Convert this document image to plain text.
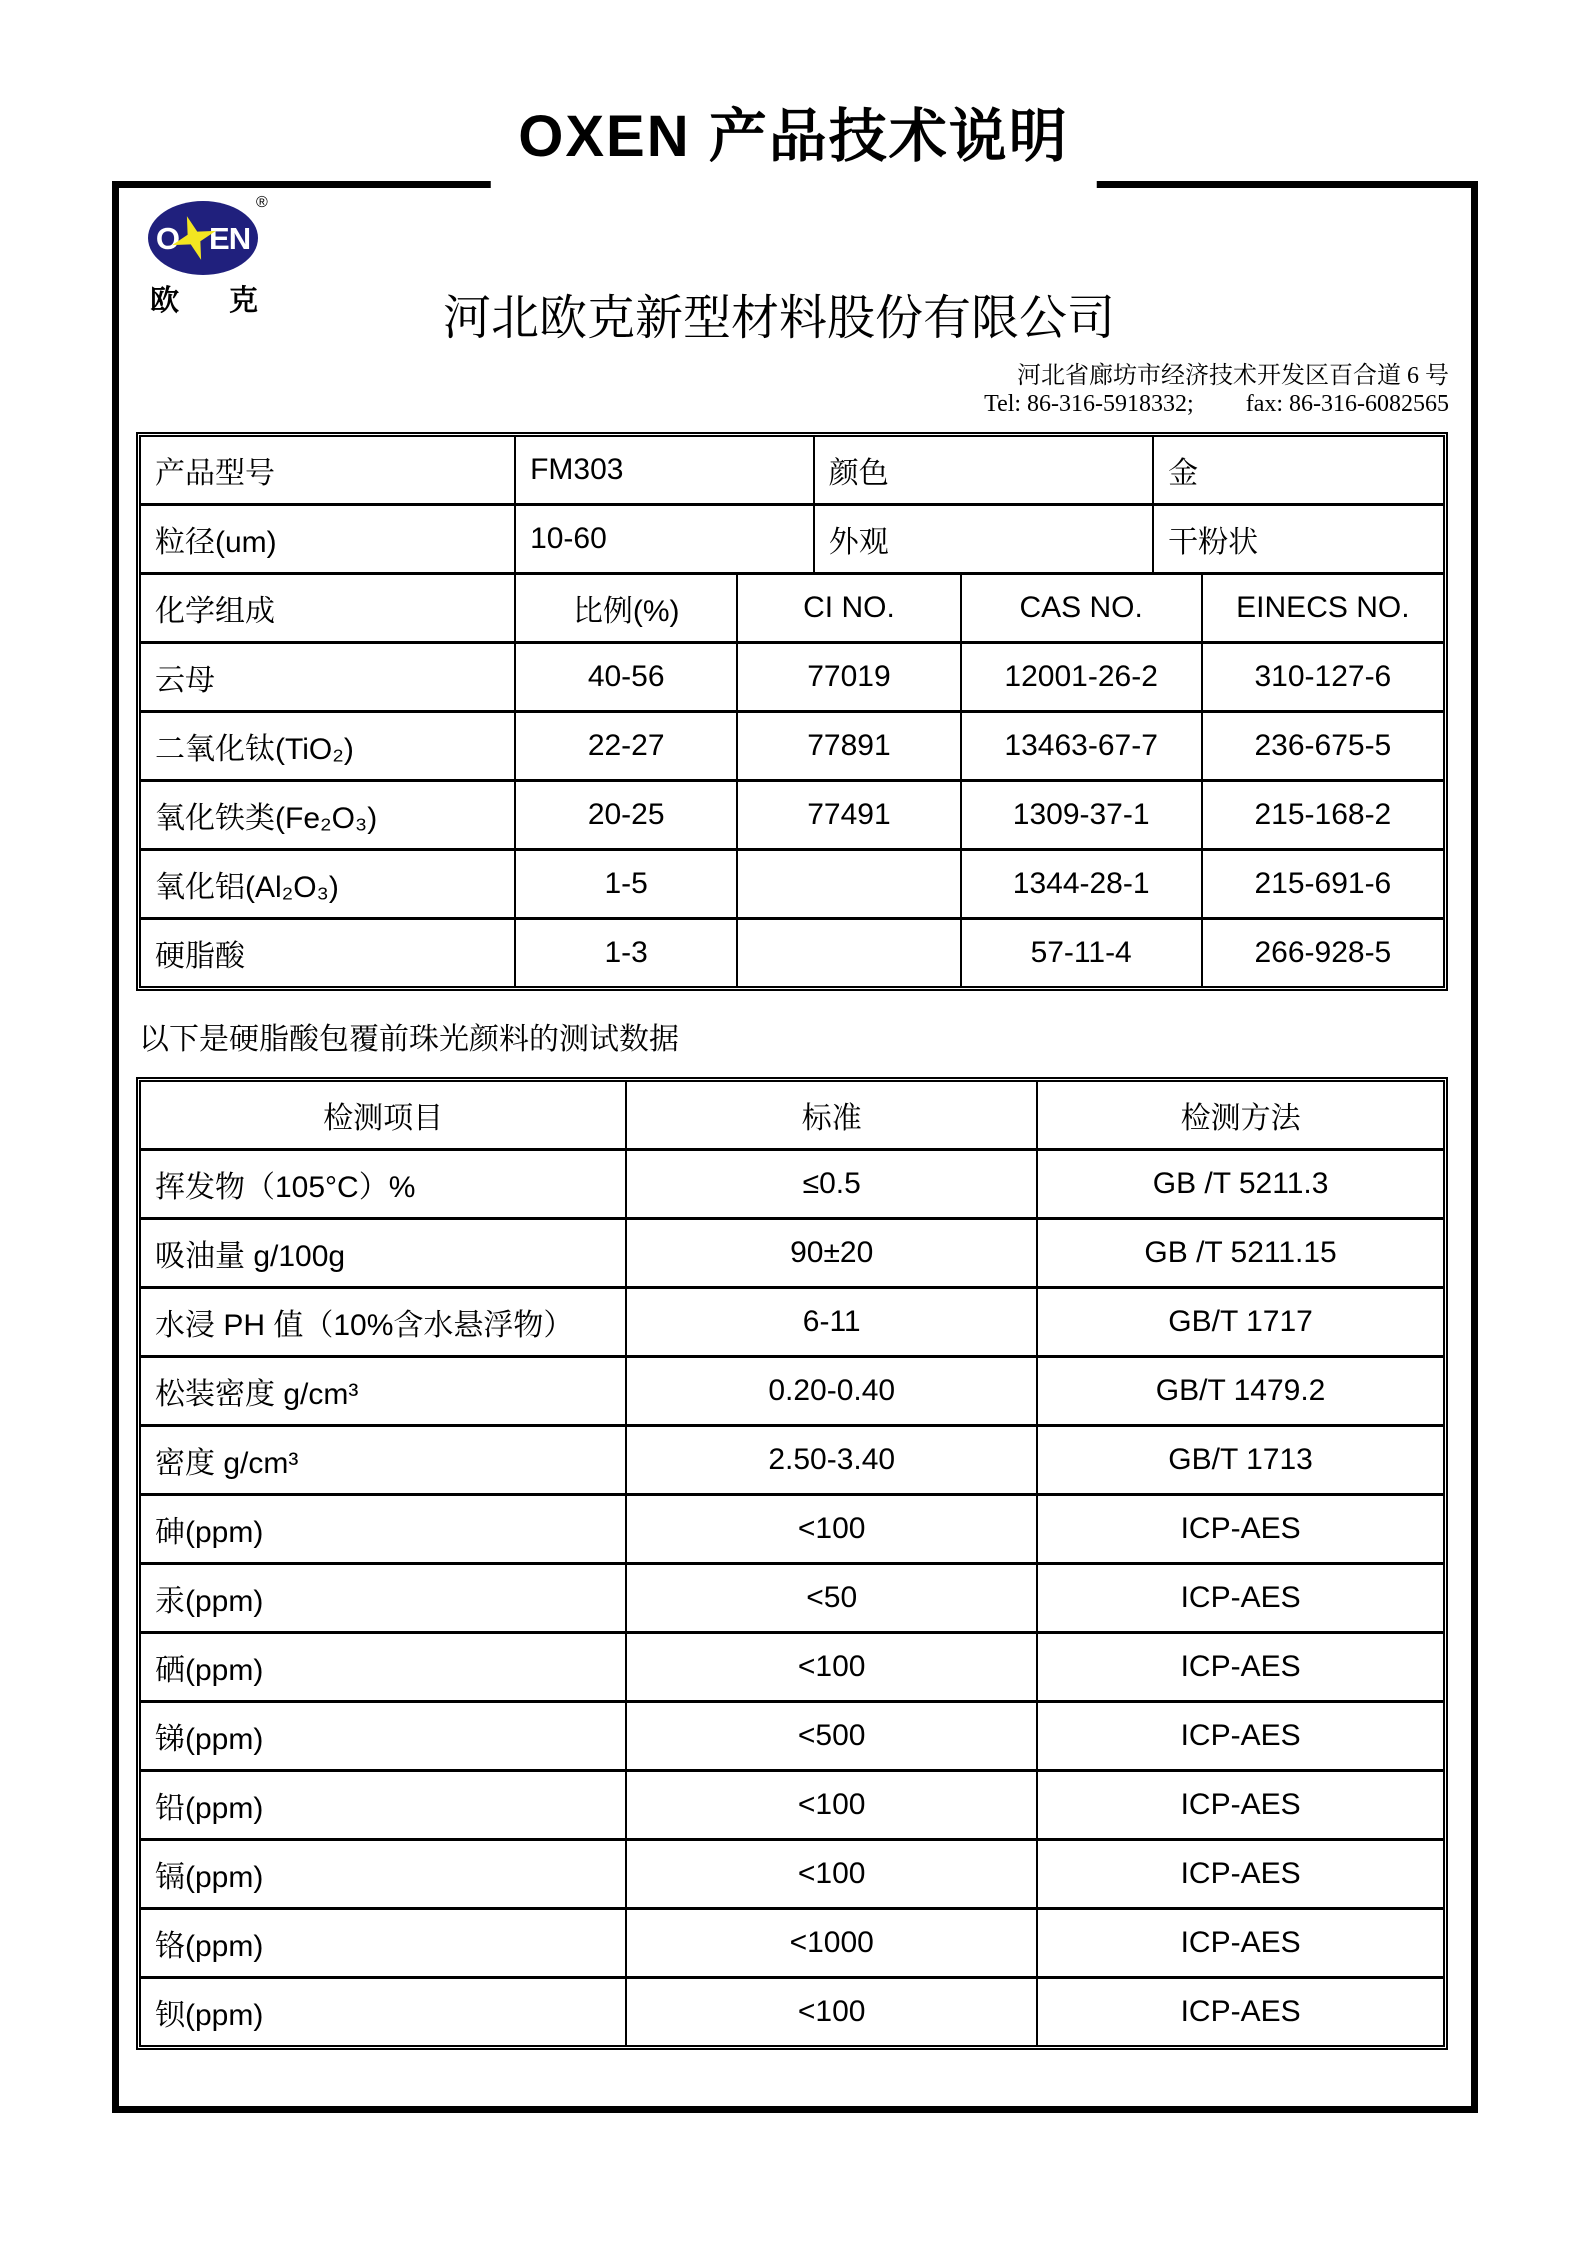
OXEN 产品技术说明
O EN
®
欧 克	河北欧克新型材料股份有限公司
河北省廊坊市经济技术开发区百合道 6 号
Tel: 86-316-5918332; fax: 86-316-6082565
产品型号	FM303	颜色	金
粒径(um)	10-60	外观	干粉状
化学组成	比例(%)	CI NO.	CAS NO.	EINECS NO.
云母	40-56	77019	12001-26-2	310-127-6
二氧化钛(TiO₂)	22-27	77891	13463-67-7	236-675-5
氧化铁类(Fe₂O₃)	20-25	77491	1309-37-1	215-168-2
氧化铝(Al₂O₃)	1-5		1344-28-1	215-691-6
硬脂酸	1-3		57-11-4	266-928-5
以下是硬脂酸包覆前珠光颜料的测试数据
检测项目	标准	检测方法
挥发物（105°C）%	≤0.5	GB /T 5211.3
吸油量 g/100g	90±20	GB /T 5211.15
水浸 PH 值（10%含水悬浮物）	6-11	GB/T 1717
松装密度 g/cm³	0.20-0.40	GB/T 1479.2
密度 g/cm³	2.50-3.40	GB/T 1713
砷(ppm)	<100	ICP-AES
汞(ppm)	<50	ICP-AES
硒(ppm)	<100	ICP-AES
锑(ppm)	<500	ICP-AES
铅(ppm)	<100	ICP-AES
镉(ppm)	<100	ICP-AES
铬(ppm)	<1000	ICP-AES
钡(ppm)	<100	ICP-AES
